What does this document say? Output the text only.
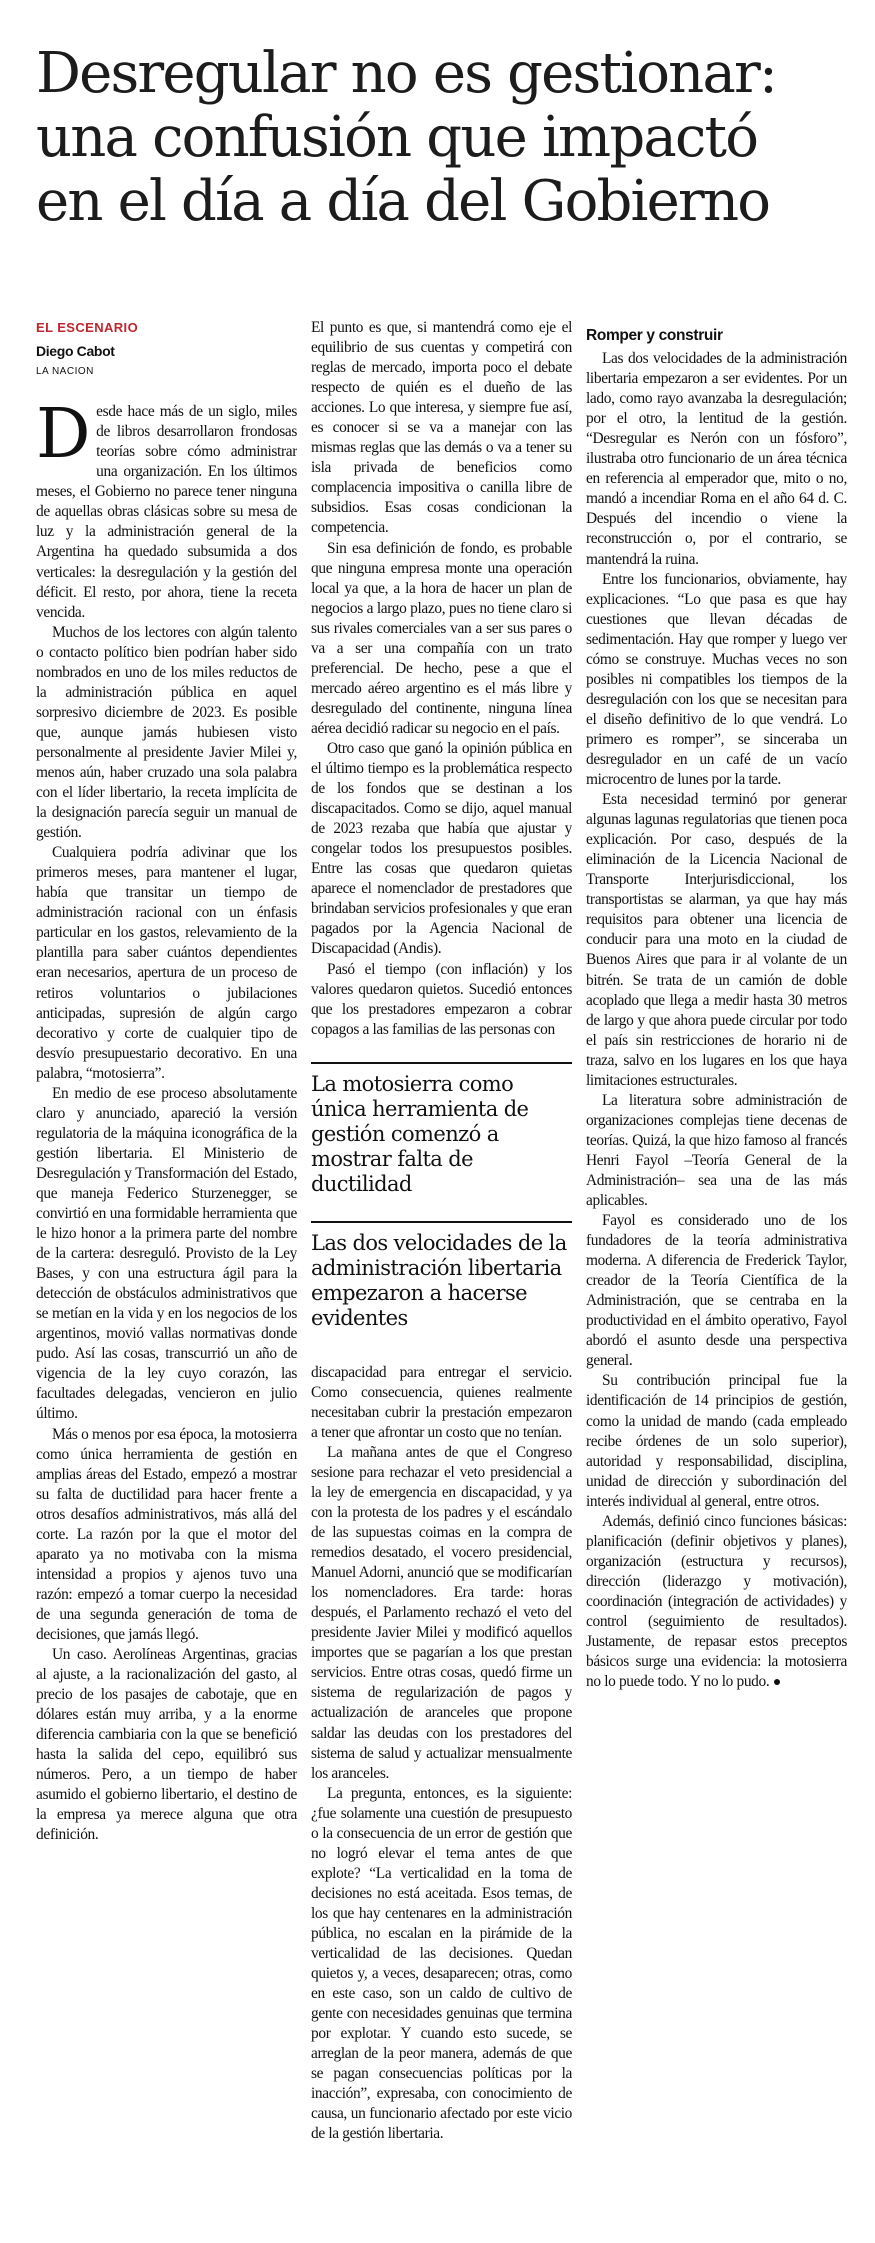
Desregular no es gestionar:
una confusión que impactó
en el día a día del Gobierno
EL ESCENARIO
Diego Cabot
LA NACION

Desde hace más de un siglo, miles de libros desarrollaron frondosas teorías sobre cómo administrar una organización. En los últimos meses, el Gobierno no parece tener ninguna de aquellas obras clásicas sobre su mesa de luz y la administración general de la Argentina ha quedado subsumida a dos verticales: la desregulación y la gestión del déficit. El resto, por ahora, tiene la receta vencida.

Muchos de los lectores con algún talento o contacto político bien podrían haber sido nombrados en uno de los miles reductos de la administración pública en aquel sorpresivo diciembre de 2023. Es posible que, aunque jamás hubiesen visto personalmente al presidente Javier Milei y, menos aún, haber cruzado una sola palabra con el líder libertario, la receta implícita de la designación parecía seguir un manual de gestión.

Cualquiera podría adivinar que los primeros meses, para mantener el lugar, había que transitar un tiempo de administración racional con un énfasis particular en los gastos, relevamiento de la plantilla para saber cuántos dependientes eran necesarios, apertura de un proceso de retiros voluntarios o jubilaciones anticipadas, supresión de algún cargo decorativo y corte de cualquier tipo de desvío presupuestario decorativo. En una palabra, “motosierra”.

En medio de ese proceso absolutamente claro y anunciado, apareció la versión regulatoria de la máquina iconográfica de la gestión libertaria. El Ministerio de Desregulación y Transformación del Estado, que maneja Federico Sturzenegger, se convirtió en una formidable herramienta que le hizo honor a la primera parte del nombre de la cartera: desreguló. Provisto de la Ley Bases, y con una estructura ágil para la detección de obstáculos administrativos que se metían en la vida y en los negocios de los argentinos, movió vallas normativas donde pudo. Así las cosas, transcurrió un año de vigencia de la ley cuyo corazón, las facultades delegadas, vencieron en julio último.

Más o menos por esa época, la motosierra como única herramienta de gestión en amplias áreas del Estado, empezó a mostrar su falta de ductilidad para hacer frente a otros desafíos administrativos, más allá del corte. La razón por la que el motor del aparato ya no motivaba con la misma intensidad a propios y ajenos tuvo una razón: empezó a tomar cuerpo la necesidad de una segunda generación de toma de decisiones, que jamás llegó.

Un caso. Aerolíneas Argentinas, gracias al ajuste, a la racionalización del gasto, al precio de los pasajes de cabotaje, que en dólares están muy arriba, y a la enorme diferencia cambiaria con la que se benefició hasta la salida del cepo, equilibró sus números. Pero, a un tiempo de haber asumido el gobierno libertario, el destino de la empresa ya merece alguna que otra definición.

El punto es que, si mantendrá como eje el equilibrio de sus cuentas y competirá con reglas de mercado, importa poco el debate respecto de quién es el dueño de las acciones. Lo que interesa, y siempre fue así, es conocer si se va a manejar con las mismas reglas que las demás o va a tener su isla privada de beneficios como complacencia impositiva o canilla libre de subsidios. Esas cosas condicionan la competencia.

Sin esa definición de fondo, es probable que ninguna empresa monte una operación local ya que, a la hora de hacer un plan de negocios a largo plazo, pues no tiene claro si sus rivales comerciales van a ser sus pares o va a ser una compañía con un trato preferencial. De hecho, pese a que el mercado aéreo argentino es el más libre y desregulado del continente, ninguna línea aérea decidió radicar su negocio en el país.

Otro caso que ganó la opinión pública en el último tiempo es la problemática respecto de los fondos que se destinan a los discapacitados. Como se dijo, aquel manual de 2023 rezaba que había que ajustar y congelar todos los presupuestos posibles. Entre las cosas que quedaron quietas aparece el nomenclador de prestadores que brindaban servicios profesionales y que eran pagados por la Agencia Nacional de Discapacidad (Andis).

Pasó el tiempo (con inflación) y los valores quedaron quietos. Sucedió entonces que los prestadores empezaron a cobrar copagos a las familias de las personas con

La motosierra como única herramienta de gestión comenzó a mostrar falta de ductilidad
Las dos velocidades de la administración libertaria empezaron a hacerse evidentes

discapacidad para entregar el servicio. Como consecuencia, quienes realmente necesitaban cubrir la prestación empezaron a tener que afrontar un costo que no tenían.

La mañana antes de que el Congreso sesione para rechazar el veto presidencial a la ley de emergencia en discapacidad, y ya con la protesta de los padres y el escándalo de las supuestas coimas en la compra de remedios desatado, el vocero presidencial, Manuel Adorni, anunció que se modificarían los nomencladores. Era tarde: horas después, el Parlamento rechazó el veto del presidente Javier Milei y modificó aquellos importes que se pagarían a los que prestan servicios. Entre otras cosas, quedó firme un sistema de regularización de pagos y actualización de aranceles que propone saldar las deudas con los prestadores del sistema de salud y actualizar mensualmente los aranceles.

La pregunta, entonces, es la siguiente: ¿fue solamente una cuestión de presupuesto o la consecuencia de un error de gestión que no logró elevar el tema antes de que explote? “La verticalidad en la toma de decisiones no está aceitada. Esos temas, de los que hay centenares en la administración pública, no escalan en la pirámide de la verticalidad de las decisiones. Quedan quietos y, a veces, desaparecen; otras, como en este caso, son un caldo de cultivo de gente con necesidades genuinas que termina por explotar. Y cuando esto sucede, se arreglan de la peor manera, además de que se pagan consecuencias políticas por la inacción”, expresaba, con conocimiento de causa, un funcionario afectado por este vicio de la gestión libertaria.

Romper y construir

Las dos velocidades de la administración libertaria empezaron a ser evidentes. Por un lado, como rayo avanzaba la desregulación; por el otro, la lentitud de la gestión. “Desregular es Nerón con un fósforo”, ilustraba otro funcionario de un área técnica en referencia al emperador que, mito o no, mandó a incendiar Roma en el año 64 d. C. Después del incendio o viene la reconstrucción o, por el contrario, se mantendrá la ruina.

Entre los funcionarios, obviamente, hay explicaciones. “Lo que pasa es que hay cuestiones que llevan décadas de sedimentación. Hay que romper y luego ver cómo se construye. Muchas veces no son posibles ni compatibles los tiempos de la desregulación con los que se necesitan para el diseño definitivo de lo que vendrá. Lo primero es romper”, se sinceraba un desregulador en un café de un vacío microcentro de lunes por la tarde.

Esta necesidad terminó por generar algunas lagunas regulatorias que tienen poca explicación. Por caso, después de la eliminación de la Licencia Nacional de Transporte Interjurisdiccional, los transportistas se alarman, ya que hay más requisitos para obtener una licencia de conducir para una moto en la ciudad de Buenos Aires que para ir al volante de un bitrén. Se trata de un camión de doble acoplado que llega a medir hasta 30 metros de largo y que ahora puede circular por todo el país sin restricciones de horario ni de traza, salvo en los lugares en los que haya limitaciones estructurales.

La literatura sobre administración de organizaciones complejas tiene decenas de teorías. Quizá, la que hizo famoso al francés Henri Fayol –Teoría General de la Administración– sea una de las más aplicables.

Fayol es considerado uno de los fundadores de la teoría administrativa moderna. A diferencia de Frederick Taylor, creador de la Teoría Científica de la Administración, que se centraba en la productividad en el ámbito operativo, Fayol abordó el asunto desde una perspectiva general.

Su contribución principal fue la identificación de 14 principios de gestión, como la unidad de mando (cada empleado recibe órdenes de un solo superior), autoridad y responsabilidad, disciplina, unidad de dirección y subordinación del interés individual al general, entre otros.

Además, definió cinco funciones básicas: planificación (definir objetivos y planes), organización (estructura y recursos), dirección (liderazgo y motivación), coordinación (integración de actividades) y control (seguimiento de resultados). Justamente, de repasar estos preceptos básicos surge una evidencia: la motosierra no lo puede todo. Y no lo pudo. ●
